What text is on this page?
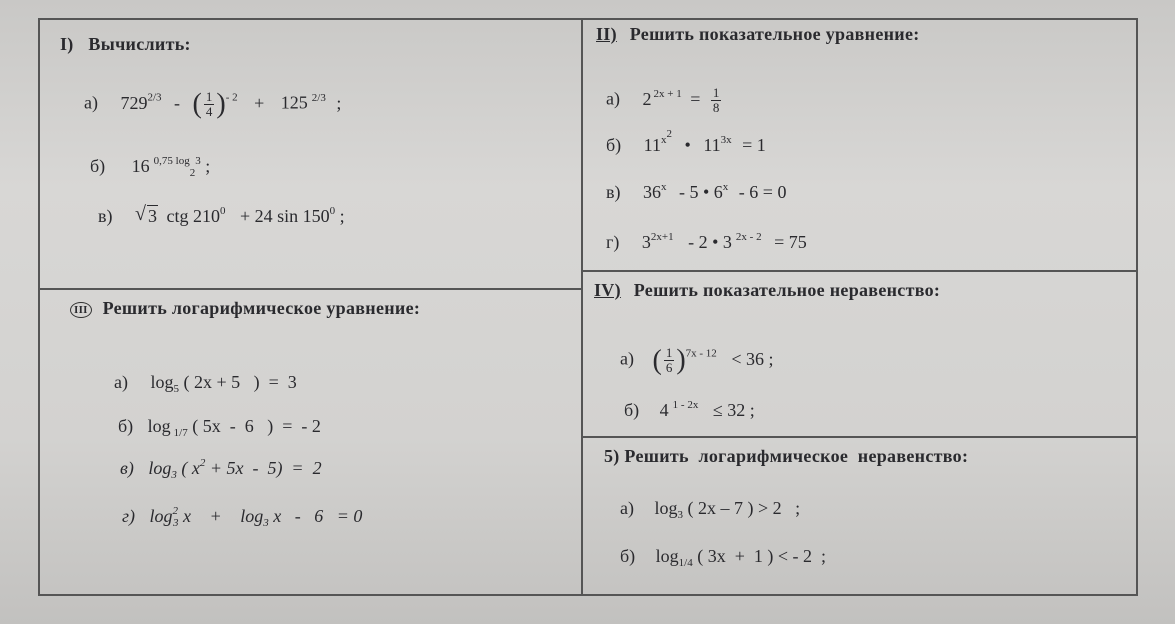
I) Вычислить:
а) $729^{2/3}$ - ( $\frac{1}{4} )^{- 2} + 125$ $^{2/3}$ ;
б) 16 $^{0,75 log}_2^3$ ;
в) √ 3 ctg $210^0 + 24$ $\sin 150^0$ ;
ІІ) Решить показательное уравнение:
а) 2 $^{2x + 1} = \frac{1}{8}$
б) $11^{x2}$ • $11^{3x} = 1$
в) 36$^x$ - 5 • 6$^x$ - 6 = 0
г) $3^{2x+1} - 2$ • 3 $^{2x - 2}$ = 75
ІІІ Решить логарифмическое уравнение:
а) $\log_5$ ( 2x + 5   )  =  3
б) log $_{1/7}$ ( 5x  -  6   )  =  - 2
в) $\log_3$ ( $x^2 + 5x - 5) = 2$
г) $\log^2_3 x + \log_3 x - 6 = 0$
ІV) Решить показательное неравенство:
а) ( $\frac{1}{6} )^{7x - 12} < 36$ ;
б) 4 $^{1 - 2x}$ ≤ 32 ;
5) Решить  логарифмическое  неравенство:
а) $\log_3$ ( 2x – 7 ) > 2   ;
б) $\log_{1/4}$ ( 3x  +  1 ) < - 2  ;
